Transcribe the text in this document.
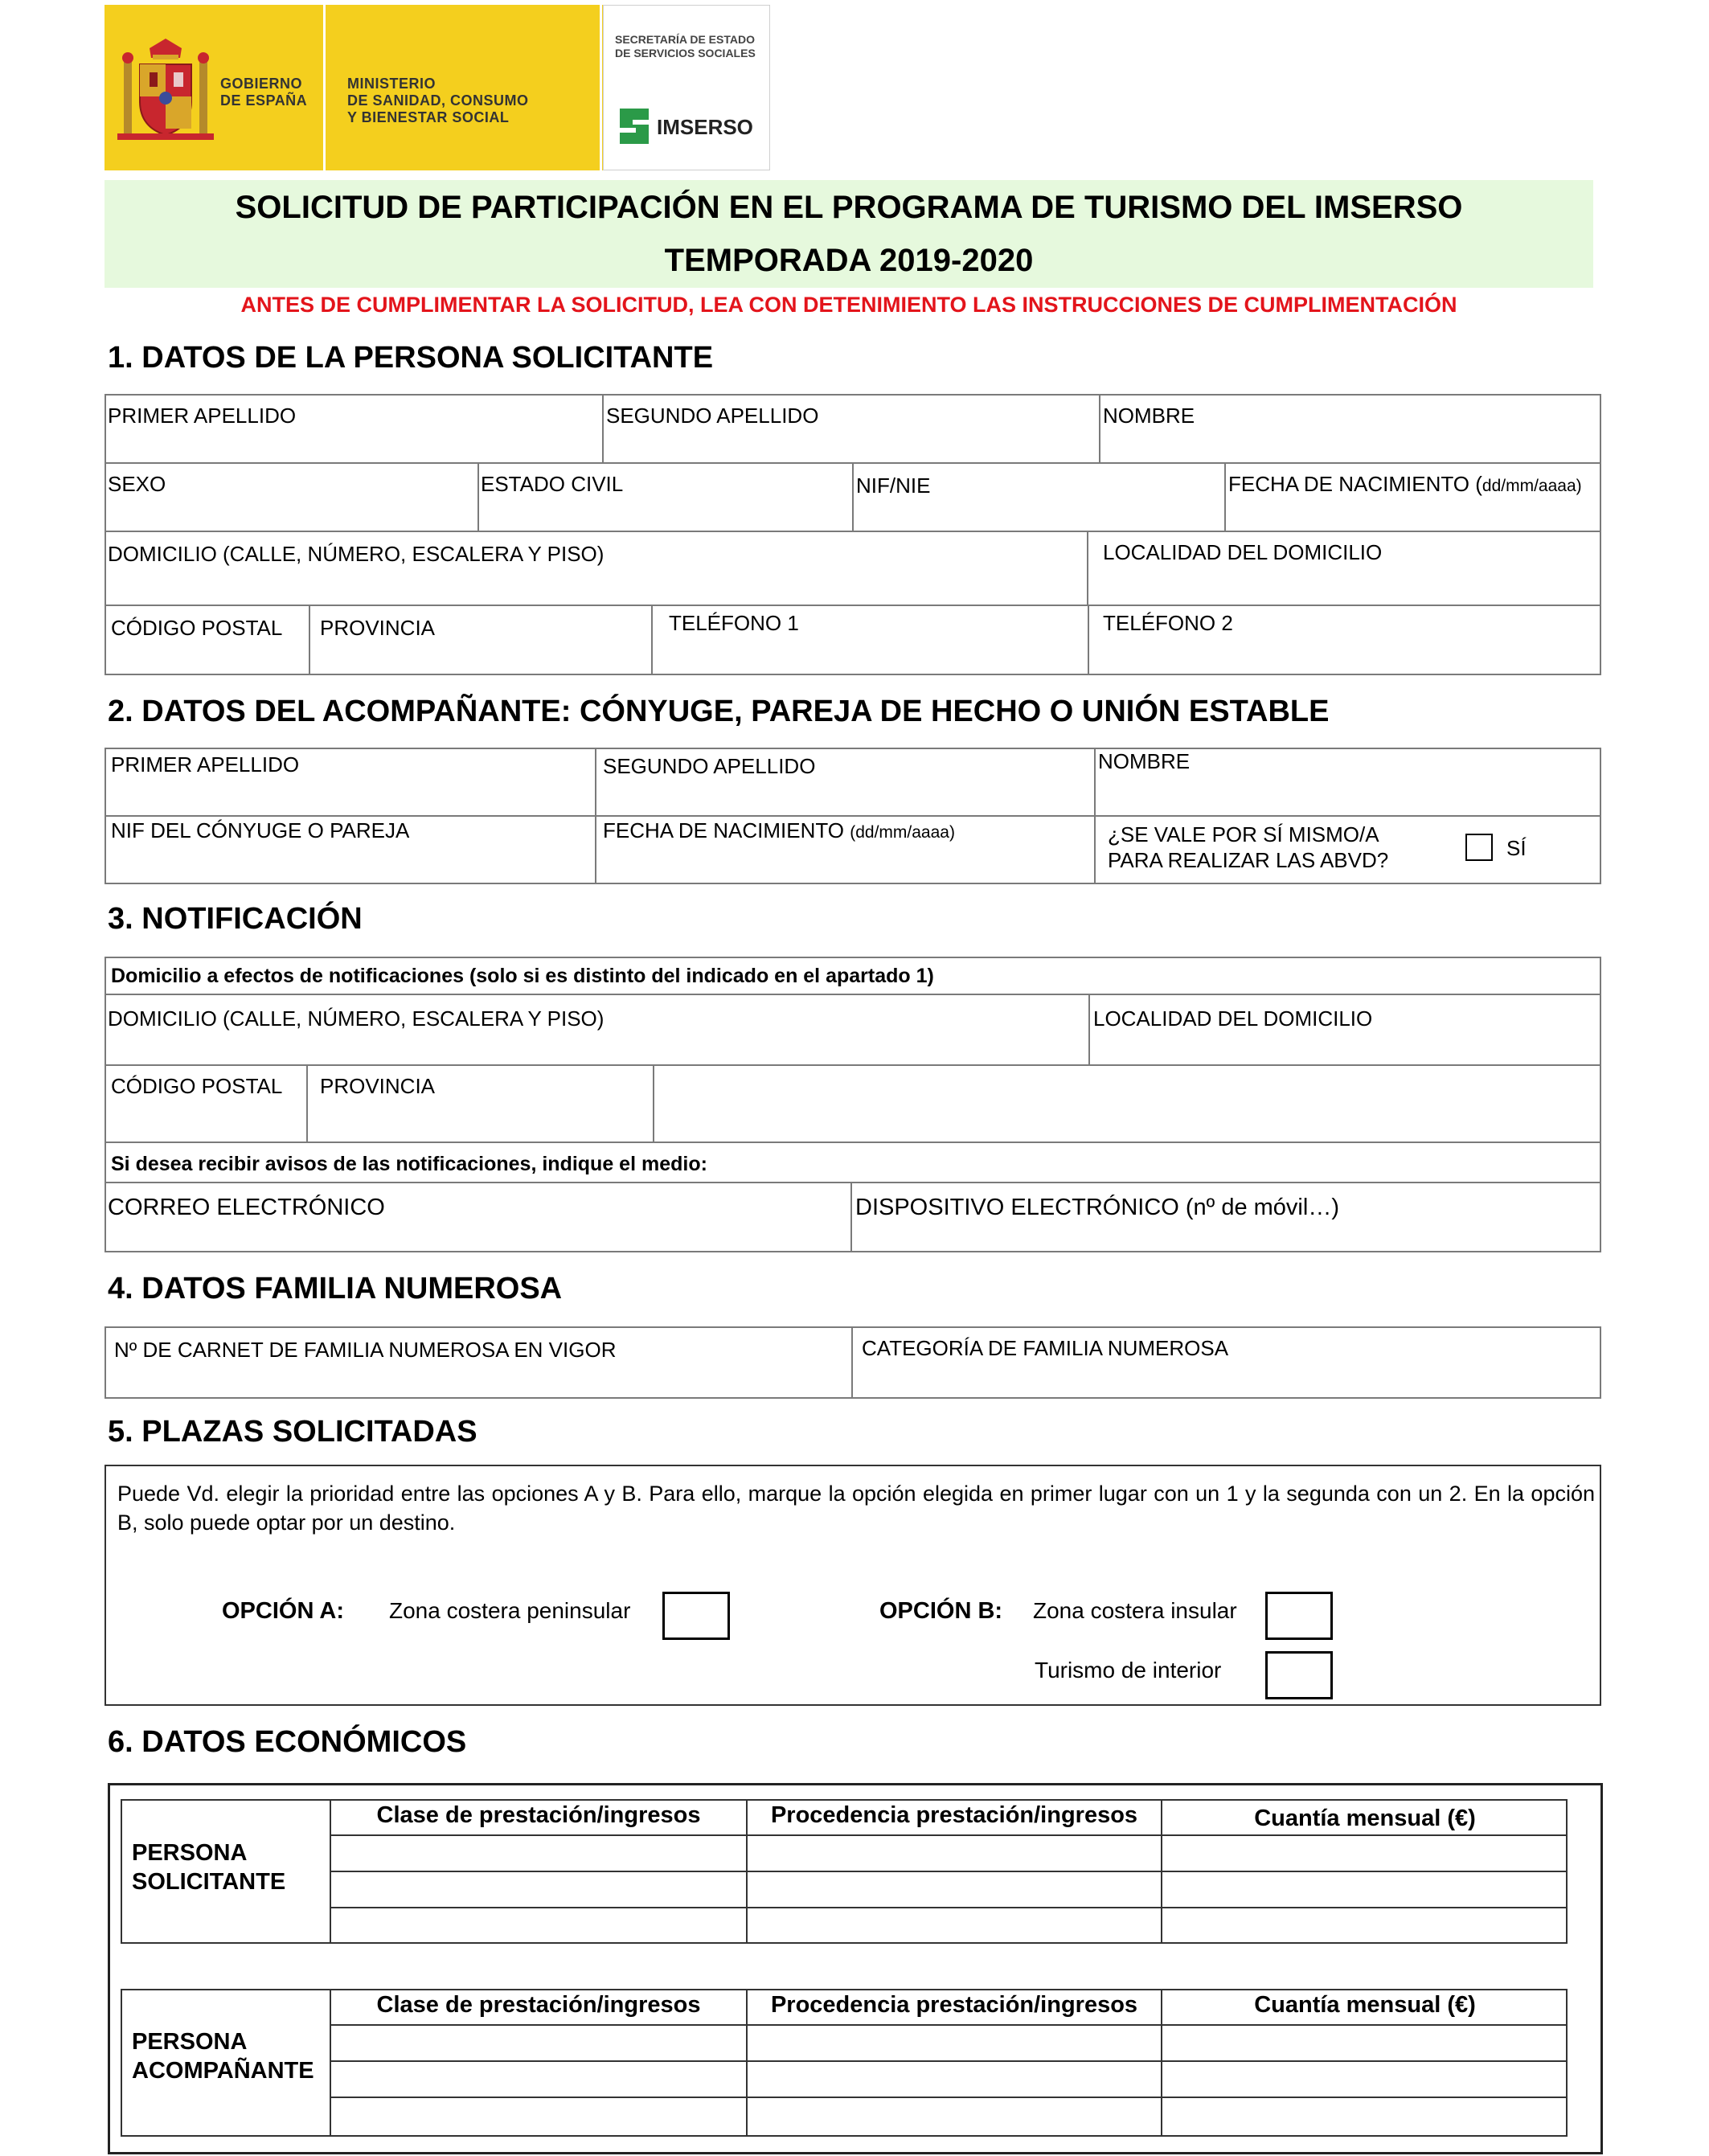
GOBIERNO
DE ESPAÑA
MINISTERIO
DE SANIDAD, CONSUMO
Y BIENESTAR SOCIAL
SECRETARÍA DE ESTADO
DE SERVICIOS SOCIALES
IMSERSO
SOLICITUD DE PARTICIPACIÓN EN EL PROGRAMA DE TURISMO DEL IMSERSO
TEMPORADA 2019-2020
ANTES DE CUMPLIMENTAR LA SOLICITUD, LEA CON DETENIMIENTO LAS INSTRUCCIONES DE CUMPLIMENTACIÓN
1. DATOS DE LA PERSONA SOLICITANTE
PRIMER APELLIDO	SEGUNDO APELLIDO	NOMBRE
SEXO	ESTADO CIVIL	NIF/NIE	FECHA DE NACIMIENTO (dd/mm/aaaa)
DOMICILIO (CALLE, NÚMERO, ESCALERA Y PISO)	LOCALIDAD DEL DOMICILIO
CÓDIGO POSTAL PROVINCIA	TELÉFONO 1	TELÉFONO 2
2. DATOS DEL ACOMPAÑANTE: CÓNYUGE, PAREJA DE HECHO O UNIÓN ESTABLE
PRIMER APELLIDO	SEGUNDO APELLIDO	NOMBRE
NIF DEL CÓNYUGE O PAREJA	FECHA DE NACIMIENTO (dd/mm/aaaa)	¿SE VALE POR SÍ MISMO/A
PARA REALIZAR LAS ABVD?	SÍ
3. NOTIFICACIÓN
Domicilio a efectos de notificaciones (solo si es distinto del indicado en el apartado 1)
DOMICILIO (CALLE, NÚMERO, ESCALERA Y PISO)	LOCALIDAD DEL DOMICILIO
CÓDIGO POSTAL PROVINCIA
Si desea recibir avisos de las notificaciones, indique el medio:
CORREO ELECTRÓNICO	DISPOSITIVO ELECTRÓNICO (nº de móvil…)
4. DATOS FAMILIA NUMEROSA
Nº DE CARNET DE FAMILIA NUMEROSA EN VIGOR	CATEGORÍA DE FAMILIA NUMEROSA
5. PLAZAS SOLICITADAS
Puede Vd. elegir la prioridad entre las opciones A y B. Para ello, marque la opción elegida en primer lugar con un 1 y la segunda con un 2. En la opción B, solo puede optar por un destino.
OPCIÓN A: Zona costera peninsular	OPCIÓN B: Zona costera insular
Turismo de interior
6. DATOS ECONÓMICOS
Clase de prestación/ingresos	Procedencia prestación/ingresos	Cuantía mensual (€)
PERSONA
SOLICITANTE
Clase de prestación/ingresos	Procedencia prestación/ingresos	Cuantía mensual (€)
PERSONA
ACOMPAÑANTE
